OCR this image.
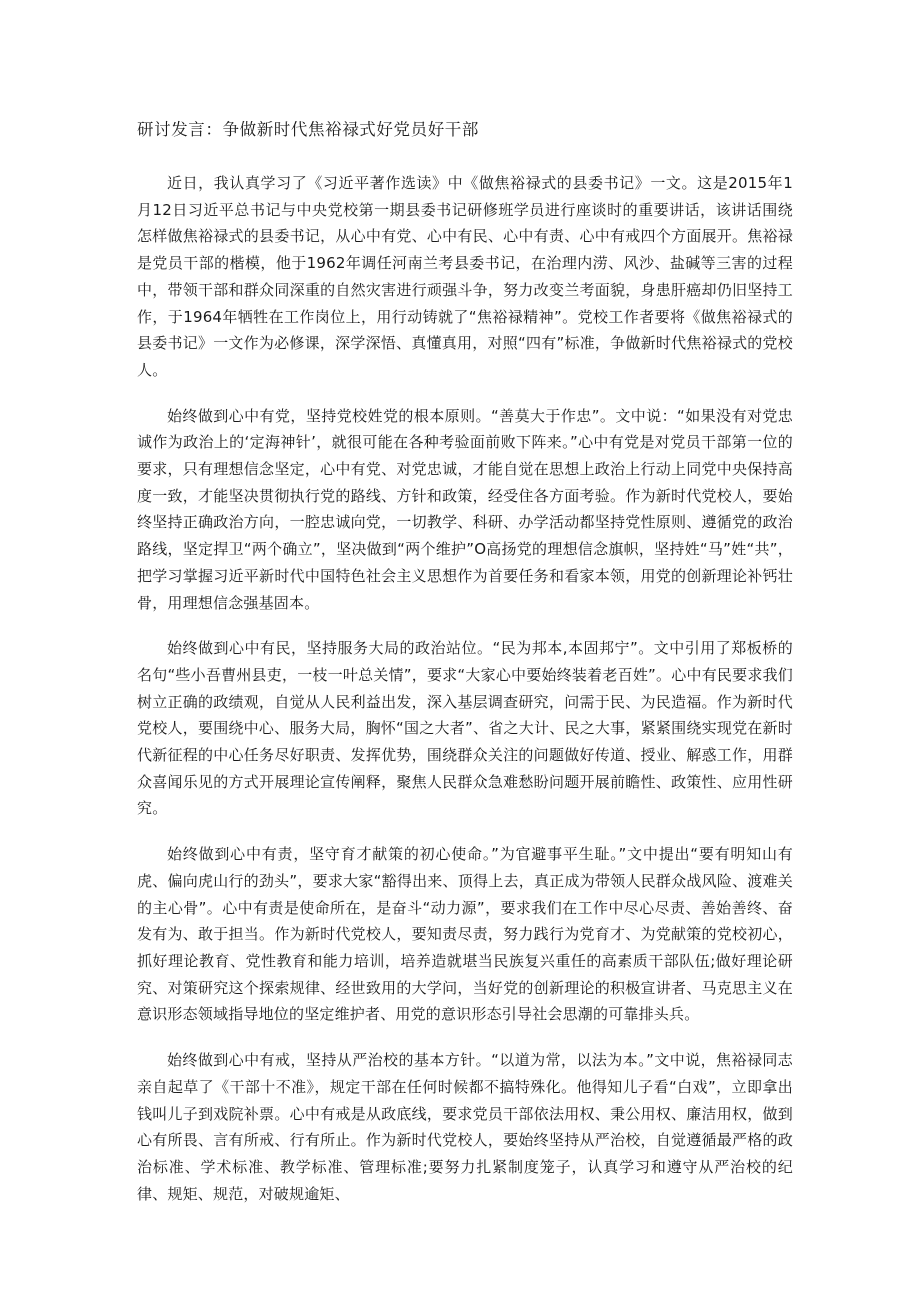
研讨发言：争做新时代焦裕禄式好党员好干部

近日，我认真学习了《习近平著作选读》中《做焦裕禄式的县委书记》一文。这是2015年1月12日习近平总书记与中央党校第一期县委书记研修班学员进行座谈时的重要讲话，该讲话围绕怎样做焦裕禄式的县委书记，从心中有党、心中有民、心中有责、心中有戒四个方面展开。焦裕禄是党员干部的楷模，他于1962年调任河南兰考县委书记，在治理内涝、风沙、盐碱等三害的过程中，带领干部和群众同深重的自然灾害进行顽强斗争，努力改变兰考面貌，身患肝癌却仍旧坚持工作，于1964年牺牲在工作岗位上，用行动铸就了“焦裕禄精神”。党校工作者要将《做焦裕禄式的县委书记》一文作为必修课，深学深悟、真懂真用，对照“四有”标准，争做新时代焦裕禄式的党校人。

始终做到心中有党，坚持党校姓党的根本原则。“善莫大于作忠”。文中说：“如果没有对党忠诚作为政治上的‘定海神针’，就很可能在各种考验面前败下阵来。”心中有党是对党员干部第一位的要求，只有理想信念坚定，心中有党、对党忠诚，才能自觉在思想上政治上行动上同党中央保持高度一致，才能坚决贯彻执行党的路线、方针和政策，经受住各方面考验。作为新时代党校人，要始终坚持正确政治方向，一腔忠诚向党，一切教学、科研、办学活动都坚持党性原则、遵循党的政治路线，坚定捍卫“两个确立”，坚决做到“两个维护”O高扬党的理想信念旗帜，坚持姓“马”姓“共”，把学习掌握习近平新时代中国特色社会主义思想作为首要任务和看家本领，用党的创新理论补钙壮骨，用理想信念强基固本。

始终做到心中有民，坚持服务大局的政治站位。“民为邦本,本固邦宁”。文中引用了郑板桥的名句“些小吾曹州县吏，一枝一叶总关情”，要求“大家心中要始终装着老百姓”。心中有民要求我们树立正确的政绩观，自觉从人民利益出发，深入基层调查研究，问需于民、为民造福。作为新时代党校人，要围绕中心、服务大局，胸怀“国之大者”、省之大计、民之大事，紧紧围绕实现党在新时代新征程的中心任务尽好职责、发挥优势，围绕群众关注的问题做好传道、授业、解惑工作，用群众喜闻乐见的方式开展理论宣传阐释，聚焦人民群众急难愁盼问题开展前瞻性、政策性、应用性研究。

始终做到心中有责，坚守育才献策的初心使命。”为官避事平生耻。”文中提出“要有明知山有虎、偏向虎山行的劲头”，要求大家“豁得出来、顶得上去，真正成为带领人民群众战风险、渡难关的主心骨”。心中有责是使命所在，是奋斗“动力源”，要求我们在工作中尽心尽责、善始善终、奋发有为、敢于担当。作为新时代党校人，要知责尽责，努力践行为党育才、为党献策的党校初心，抓好理论教育、党性教育和能力培训，培养造就堪当民族复兴重任的高素质干部队伍;做好理论研究、对策研究这个探索规律、经世致用的大学问，当好党的创新理论的积极宣讲者、马克思主义在意识形态领域指导地位的坚定维护者、用党的意识形态引导社会思潮的可靠排头兵。

始终做到心中有戒，坚持从严治校的基本方针。“以道为常，以法为本。”文中说，焦裕禄同志亲自起草了《干部十不准》，规定干部在任何时候都不搞特殊化。他得知儿子看“白戏”，立即拿出钱叫儿子到戏院补票。心中有戒是从政底线，要求党员干部依法用权、秉公用权、廉洁用权，做到心有所畏、言有所戒、行有所止。作为新时代党校人，要始终坚持从严治校，自觉遵循最严格的政治标准、学术标准、教学标准、管理标准;要努力扎紧制度笼子，认真学习和遵守从严治校的纪律、规矩、规范，对破规逾矩、
